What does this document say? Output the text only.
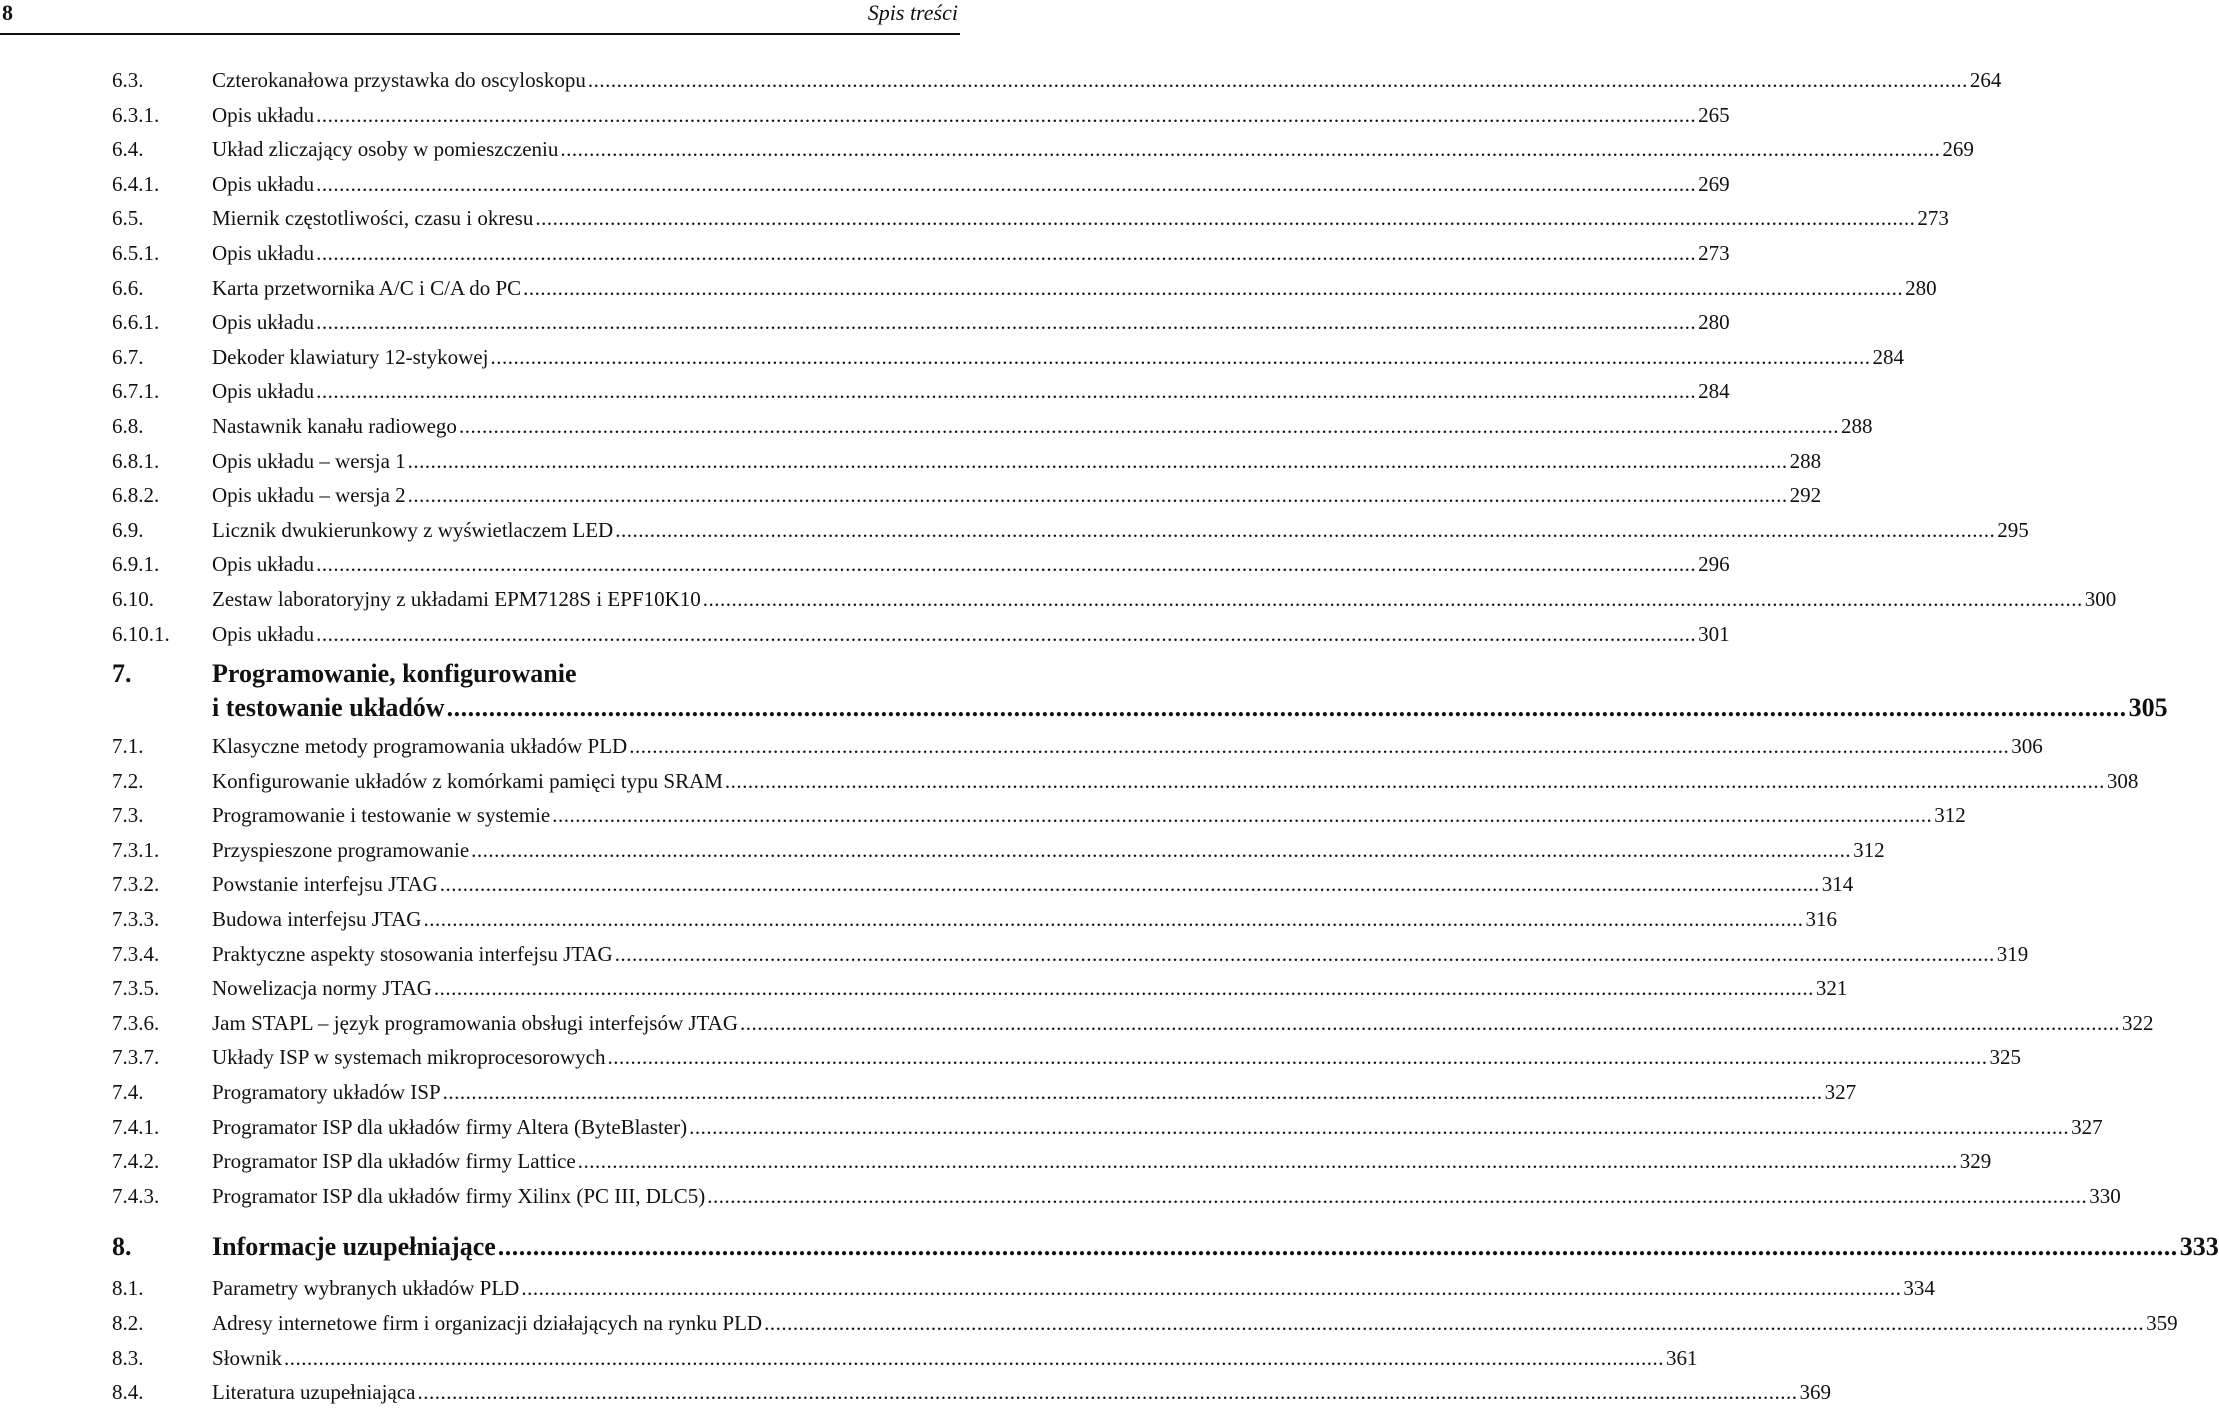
8	Spis treści
6.3.	Czterokanałowa przystawka do oscyloskopu .....	264
6.3.1.	Opis układu .....	265
6.4.	Układ zliczający osoby w pomieszczeniu .....	269
6.4.1.	Opis układu .....	269
6.5.	Miernik częstotliwości, czasu i okresu .....	273
6.5.1.	Opis układu .....	273
6.6.	Karta przetwornika A/C i C/A do PC .....	280
6.6.1.	Opis układu .....	280
6.7.	Dekoder klawiatury 12-stykowej .....	284
6.7.1.	Opis układu .....	284
6.8.	Nastawnik kanału radiowego .....	288
6.8.1.	Opis układu – wersja 1 .....	288
6.8.2.	Opis układu – wersja 2 .....	292
6.9.	Licznik dwukierunkowy z wyświetlaczem LED .....	295
6.9.1.	Opis układu .....	296
6.10.	Zestaw laboratoryjny z układami EPM7128S i EPF10K10 .....	300
6.10.1.	Opis układu .....	301
7.	Programowanie, konfigurowanie
i testowanie układów .....	305
7.1.	Klasyczne metody programowania układów PLD .....	306
7.2.	Konfigurowanie układów z komórkami pamięci typu SRAM .....	308
7.3.	Programowanie i testowanie w systemie .....	312
7.3.1.	Przyspieszone programowanie .....	312
7.3.2.	Powstanie interfejsu JTAG .....	314
7.3.3.	Budowa interfejsu JTAG .....	316
7.3.4.	Praktyczne aspekty stosowania interfejsu JTAG .....	319
7.3.5.	Nowelizacja normy JTAG .....	321
7.3.6.	Jam STAPL – język programowania obsługi interfejsów JTAG .....	322
7.3.7.	Układy ISP w systemach mikroprocesorowych .....	325
7.4.	Programatory układów ISP .....	327
7.4.1.	Programator ISP dla układów firmy Altera (ByteBlaster) .....	327
7.4.2.	Programator ISP dla układów firmy Lattice .....	329
7.4.3.	Programator ISP dla układów firmy Xilinx (PC III, DLC5) .....	330
8.	Informacje uzupełniające .....	333
8.1.	Parametry wybranych układów PLD .....	334
8.2.	Adresy internetowe firm i organizacji działających na rynku PLD .....	359
8.3.	Słownik .....	361
8.4.	Literatura uzupełniająca .....	369
